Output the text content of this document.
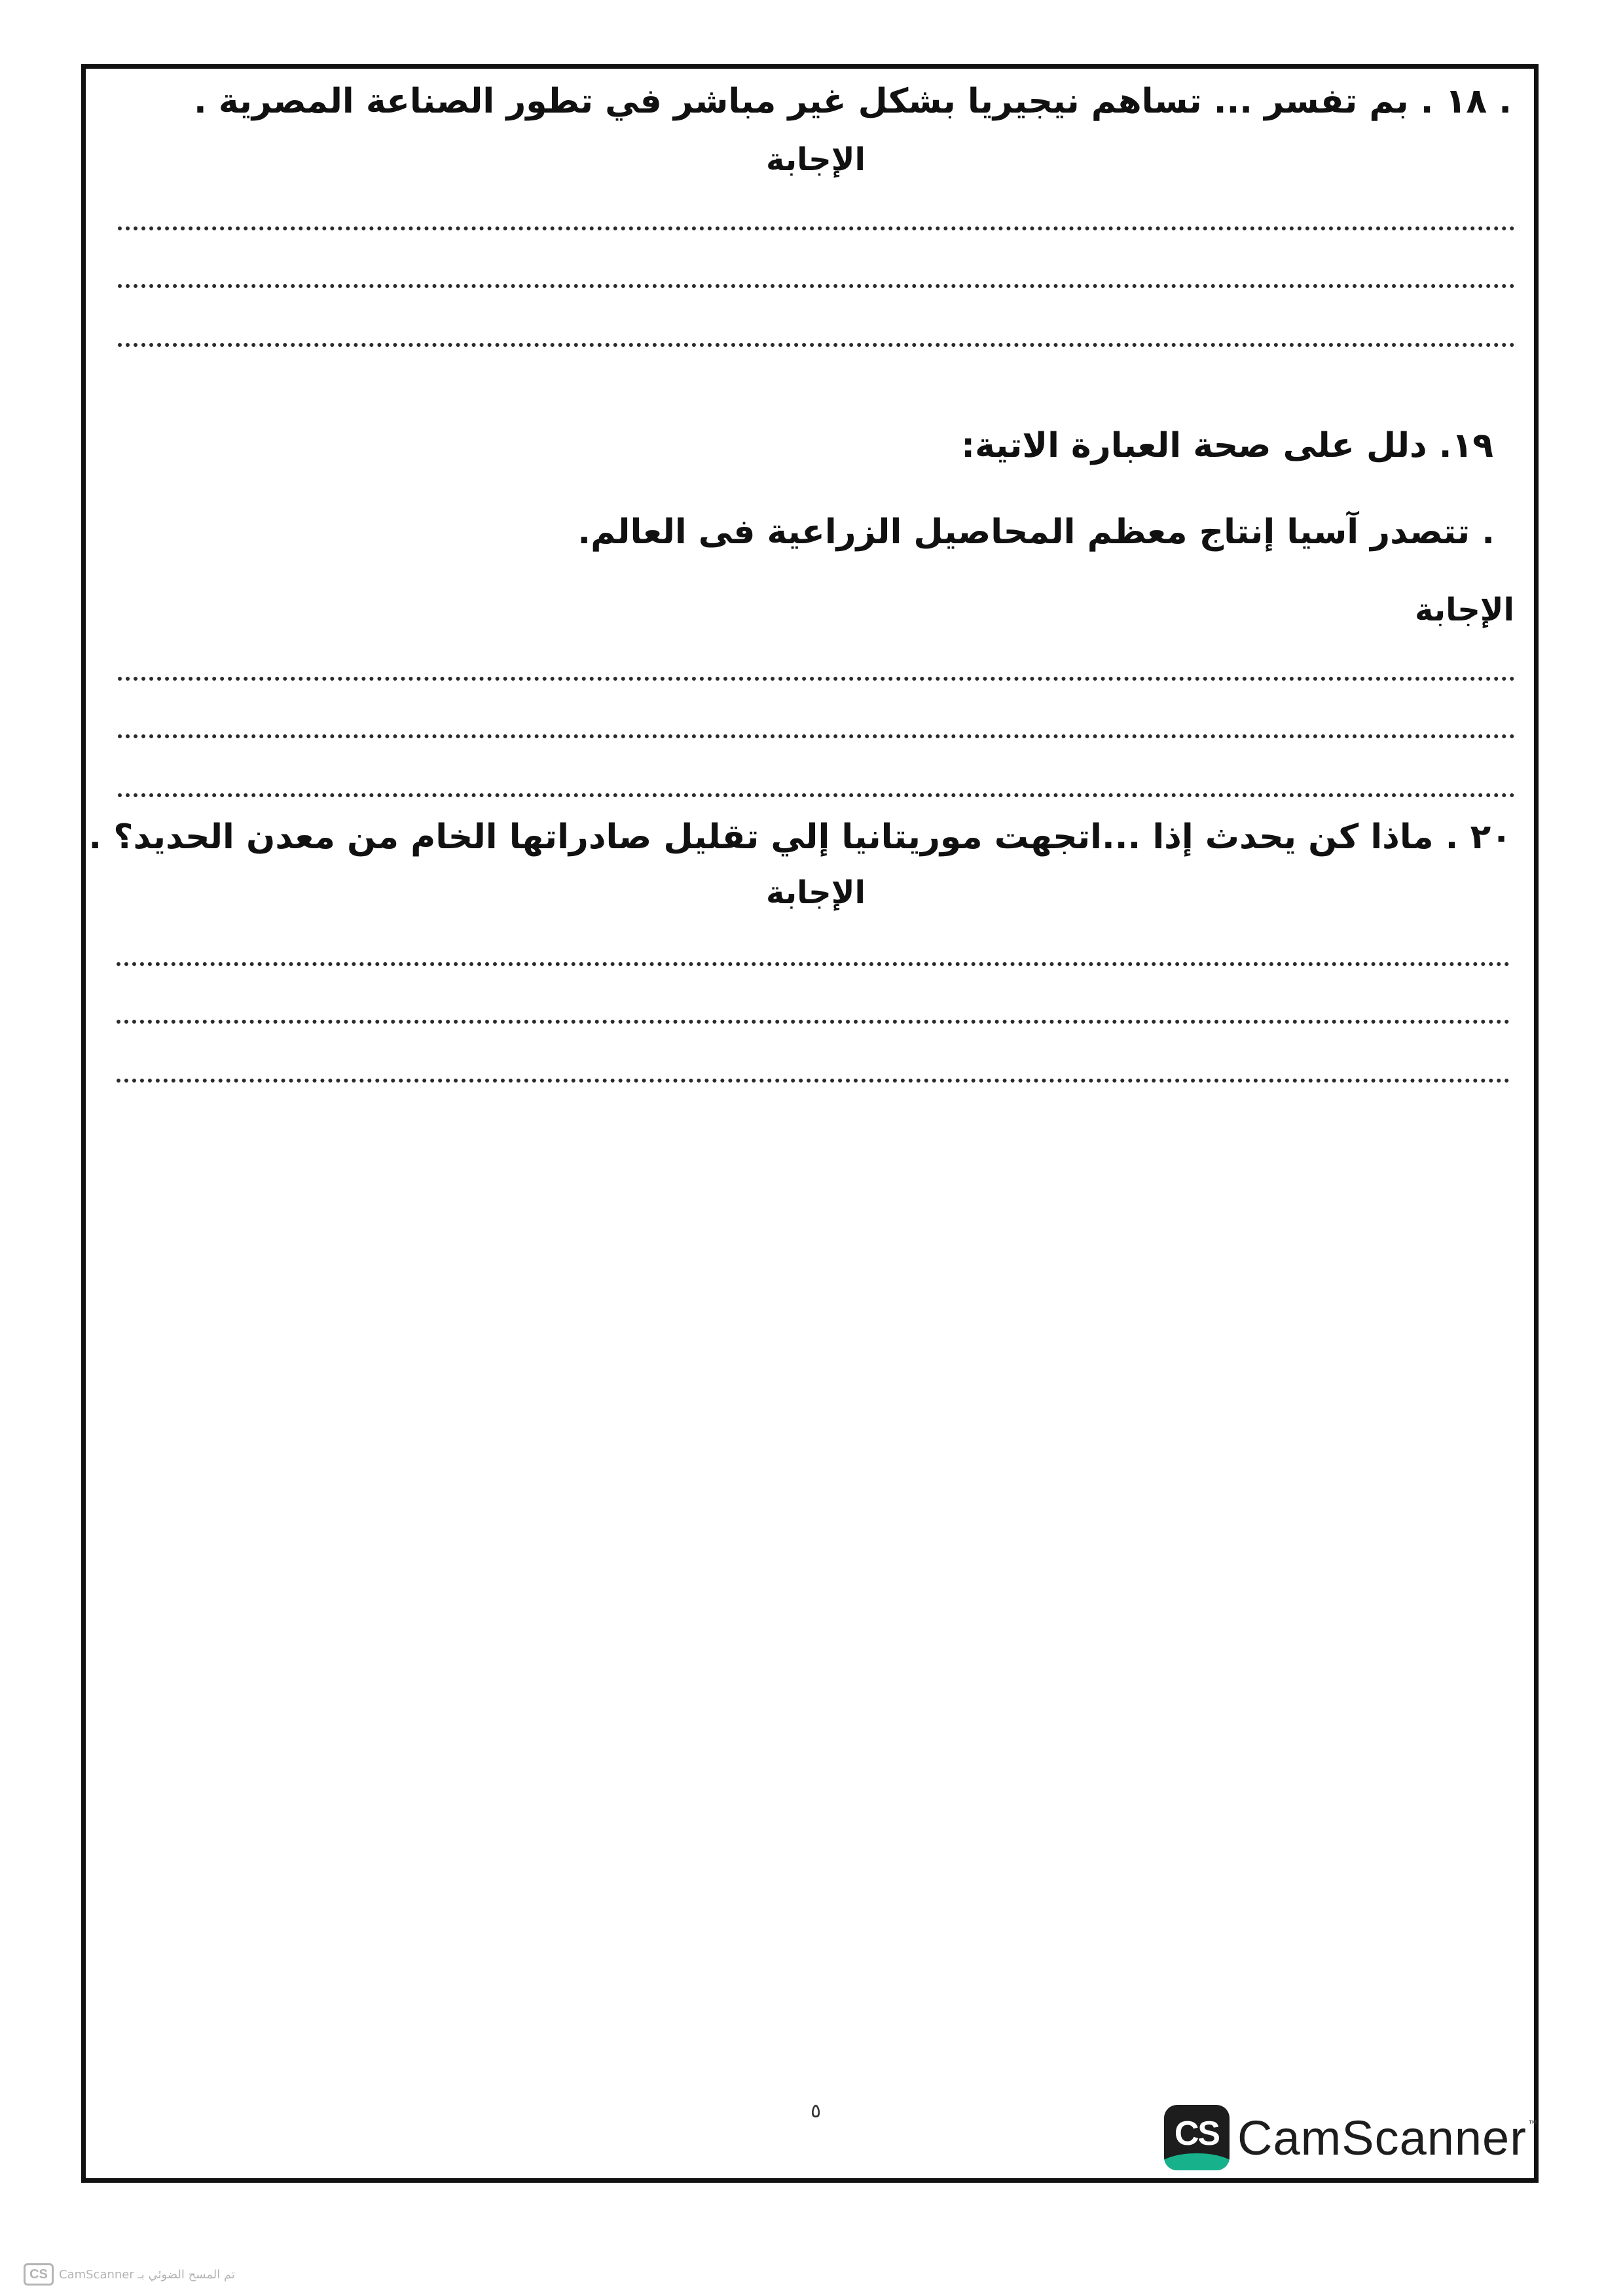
. ١٨ . بم تفسر ... تساهم نيجيريا بشكل غير مباشر في تطور الصناعة المصرية .
الإجابة
١٩. دلل على صحة العبارة الاتية:
. تتصدر آسيا إنتاج معظم المحاصيل الزراعية فى العالم.
الإجابة
٢٠ . ماذا كن يحدث إذا ...اتجهت موريتانيا إلي تقليل صادراتها الخام من معدن الحديد؟ .
الإجابة
٥
CS CamScanner ™
CS تم المسح الضوئي بـ CamScanner
